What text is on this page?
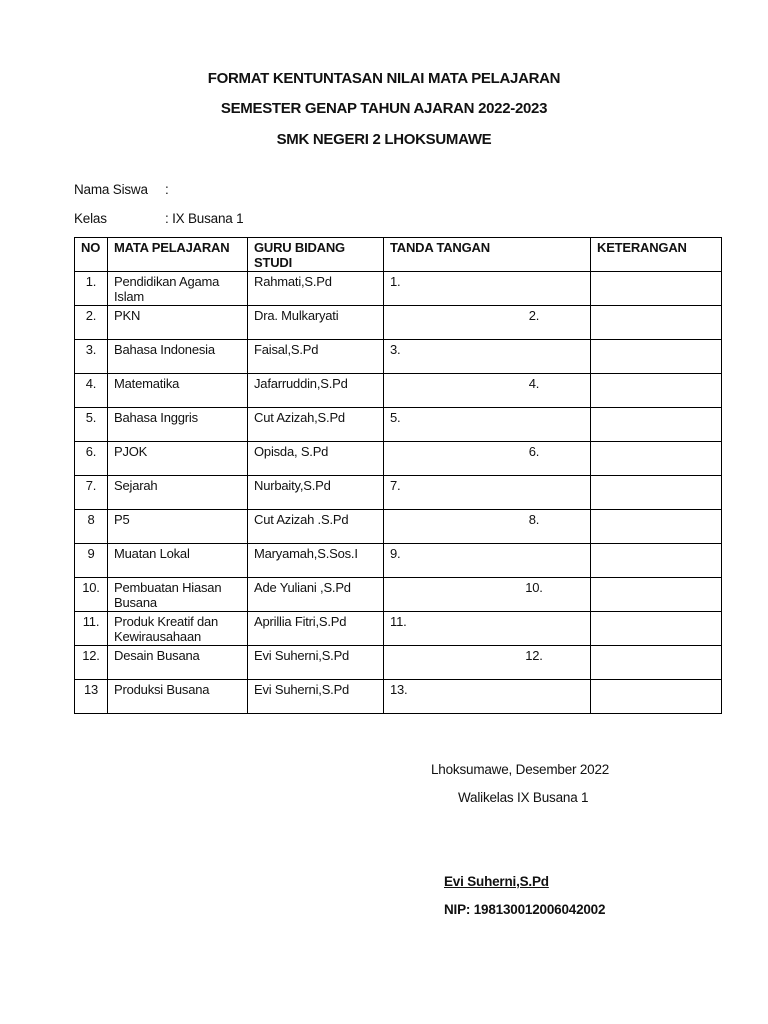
FORMAT KENTUNTASAN NILAI MATA PELAJARAN
SEMESTER GENAP TAHUN AJARAN 2022-2023
SMK NEGERI 2 LHOKSUMAWE
Nama Siswa :
Kelas	: IX Busana 1
NO	MATA PELAJARAN	GURU BIDANG STUDI	TANDA TANGAN	KETERANGAN
1.	Pendidikan Agama Islam	Rahmati,S.Pd	1.	
2.	PKN	Dra. Mulkaryati	2.	
3.	Bahasa Indonesia	Faisal,S.Pd	3.	
4.	Matematika	Jafarruddin,S.Pd	4.	
5.	Bahasa Inggris	Cut Azizah,S.Pd	5.	
6.	PJOK	Opisda, S.Pd	6.	
7.	Sejarah	Nurbaity,S.Pd	7.	
8	P5	Cut Azizah .S.Pd	8.	
9	Muatan Lokal	Maryamah,S.Sos.I	9.	
10.	Pembuatan Hiasan Busana	Ade Yuliani ,S.Pd	10.	
11.	Produk Kreatif dan Kewirausahaan	Aprillia Fitri,S.Pd	11.	
12.	Desain Busana	Evi Suherni,S.Pd	12.	
13	Produksi Busana	Evi Suherni,S.Pd	13.	
Lhoksumawe, Desember 2022
Walikelas IX Busana 1
Evi Suherni,S.Pd
NIP: 198130012006042002
